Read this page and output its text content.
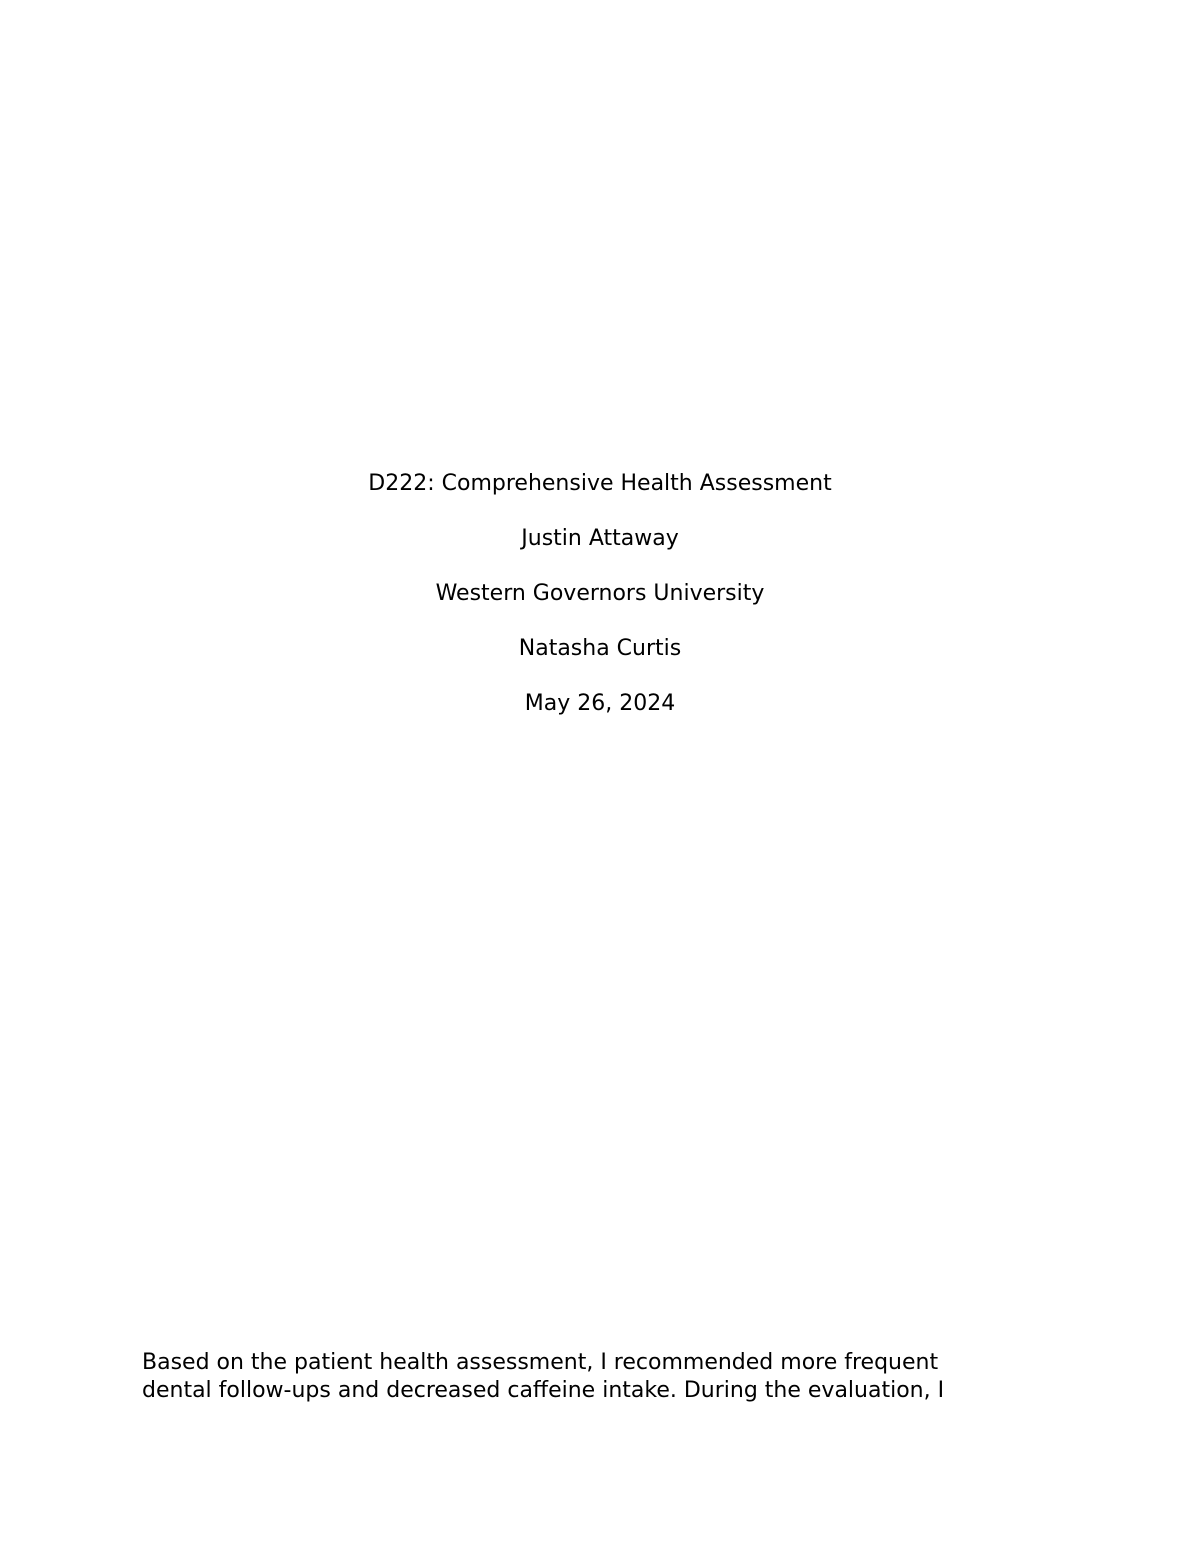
D222: Comprehensive Health Assessment
Justin Attaway
Western Governors University
Natasha Curtis
May 26, 2024
Based on the patient health assessment, I recommended more frequent
dental follow-ups and decreased caffeine intake. During the evaluation, I
